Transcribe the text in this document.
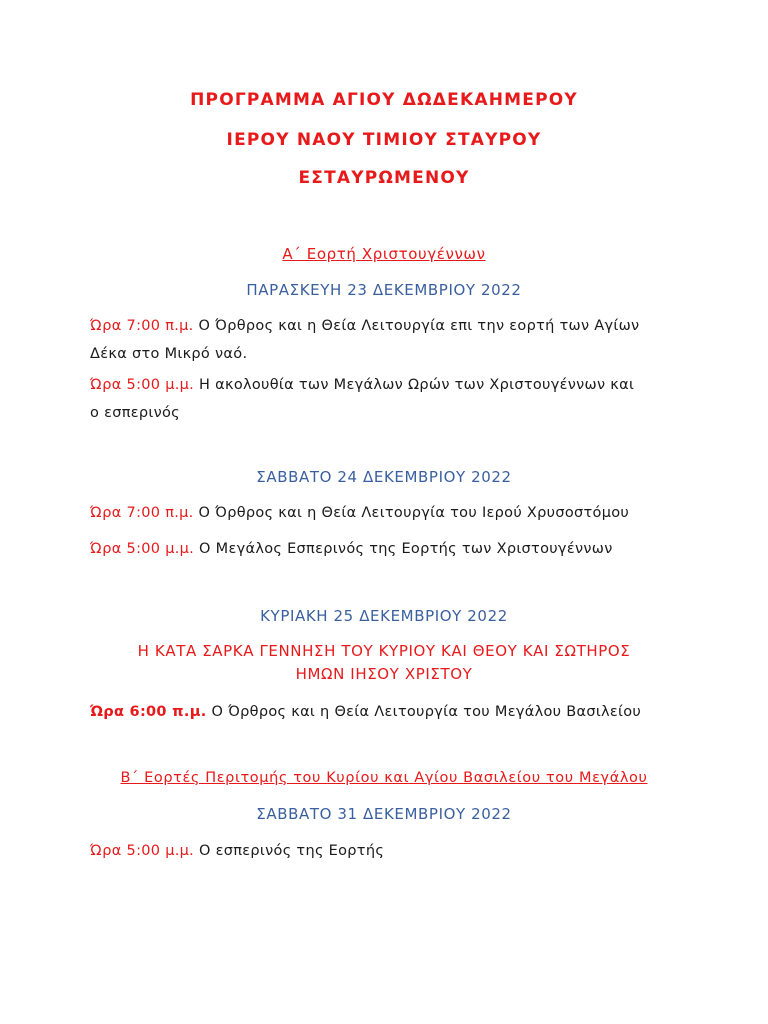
ΠΡΟΓΡΑΜΜΑ ΑΓΙΟΥ ΔΩΔΕΚΑΗΜΕΡΟΥ
ΙΕΡΟΥ ΝΑΟΥ ΤΙΜΙΟΥ ΣΤΑΥΡΟΥ
ΕΣΤΑΥΡΩΜΕΝΟΥ
Α΄ Εορτή Χριστουγέννων
ΠΑΡΑΣΚΕΥΗ 23 ΔΕΚΕΜΒΡΙΟΥ 2022
Ώρα 7:00 π.μ. Ο Όρθρος και η Θεία Λειτουργία επι την εορτή των Αγίων
Δέκα στο Μικρό ναό.
Ώρα 5:00 μ.μ. Η ακολουθία των Μεγάλων Ωρών των Χριστουγέννων και
ο εσπερινός
ΣΑΒΒΑΤΟ 24 ΔΕΚΕΜΒΡΙΟΥ 2022
Ώρα 7:00 π.μ. Ο Όρθρος και η Θεία Λειτουργία του Ιερού Χρυσοστόμου
Ώρα 5:00 μ.μ. Ο Μεγάλος Εσπερινός της Εορτής των Χριστουγέννων
ΚΥΡΙΑΚΗ 25 ΔΕΚΕΜΒΡΙΟΥ 2022
Η ΚΑΤΑ ΣΑΡΚΑ ΓΕΝΝΗΣΗ ΤΟΥ ΚΥΡΙΟΥ ΚΑΙ ΘΕΟΥ ΚΑΙ ΣΩΤΗΡΟΣ
ΗΜΩΝ ΙΗΣΟΥ ΧΡΙΣΤΟΥ
Ώρα 6:00 π.μ. Ο Όρθρος και η Θεία Λειτουργία του Μεγάλου Βασιλείου
Β΄ Εορτές Περιτομής του Κυρίου και Αγίου Βασιλείου του Μεγάλου
ΣΑΒΒΑΤΟ 31 ΔΕΚΕΜΒΡΙΟΥ 2022
Ώρα 5:00 μ.μ. Ο εσπερινός της Εορτής
